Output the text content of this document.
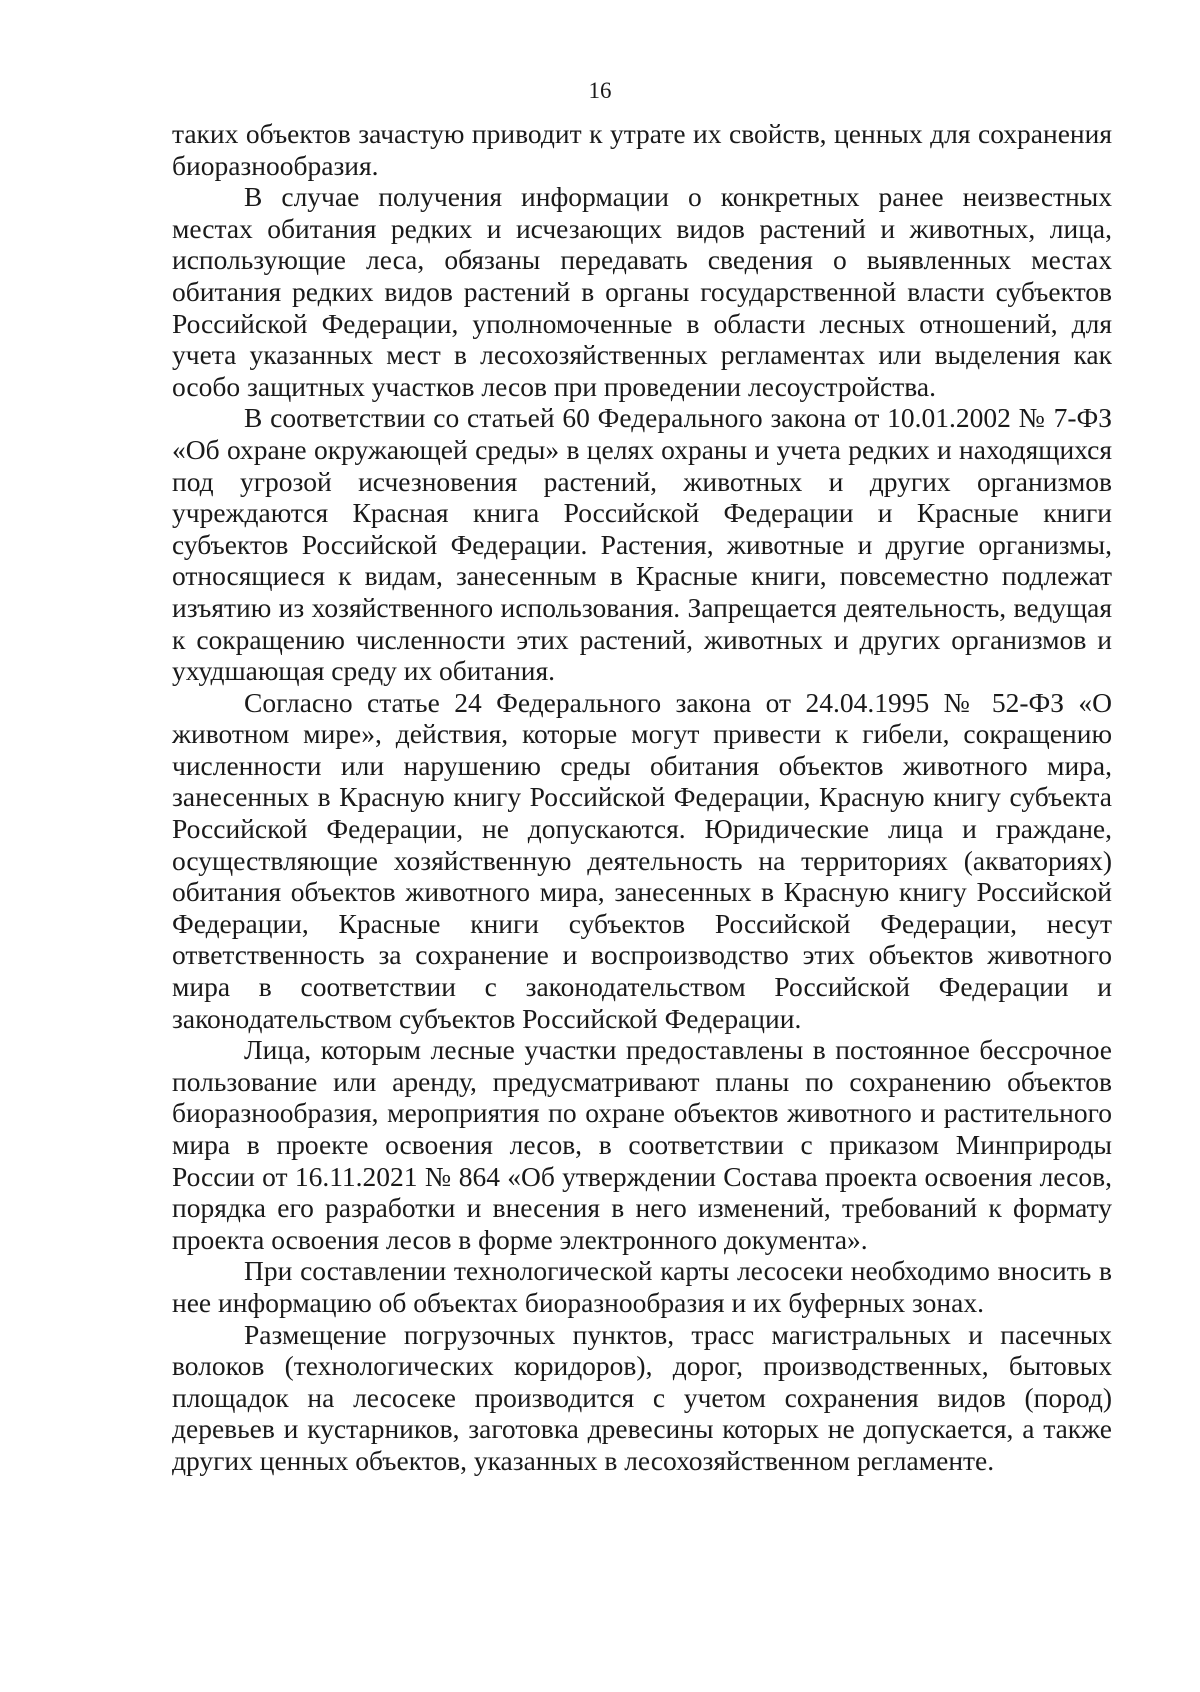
16

таких объектов зачастую приводит к утрате их свойств, ценных для сохранения биоразнообразия.

В случае получения информации о конкретных ранее неизвестных местах обитания редких и исчезающих видов растений и животных, лица, использующие леса, обязаны передавать сведения о выявленных местах обитания редких видов растений в органы государственной власти субъектов Российской Федерации, уполномоченные в области лесных отношений, для учета указанных мест в лесохозяйственных регламентах или выделения как особо защитных участков лесов при проведении лесоустройства.

В соответствии со статьей 60 Федерального закона от 10.01.2002 № 7-ФЗ «Об охране окружающей среды» в целях охраны и учета редких и находящихся под угрозой исчезновения растений, животных и других организмов учреждаются Красная книга Российской Федерации и Красные книги субъектов Российской Федерации. Растения, животные и другие организмы, относящиеся к видам, занесенным в Красные книги, повсеместно подлежат изъятию из хозяйственного использования. Запрещается деятельность, ведущая к сокращению численности этих растений, животных и других организмов и ухудшающая среду их обитания.

Согласно статье 24 Федерального закона от 24.04.1995 № 52-ФЗ «О животном мире», действия, которые могут привести к гибели, сокращению численности или нарушению среды обитания объектов животного мира, занесенных в Красную книгу Российской Федерации, Красную книгу субъекта Российской Федерации, не допускаются. Юридические лица и граждане, осуществляющие хозяйственную деятельность на территориях (акваториях) обитания объектов животного мира, занесенных в Красную книгу Российской Федерации, Красные книги субъектов Российской Федерации, несут ответственность за сохранение и воспроизводство этих объектов животного мира в соответствии с законодательством Российской Федерации и законодательством субъектов Российской Федерации.

Лица, которым лесные участки предоставлены в постоянное бессрочное пользование или аренду, предусматривают планы по сохранению объектов биоразнообразия, мероприятия по охране объектов животного и растительного мира в проекте освоения лесов, в соответствии с приказом Минприроды России от 16.11.2021 № 864 «Об утверждении Состава проекта освоения лесов, порядка его разработки и внесения в него изменений, требований к формату проекта освоения лесов в форме электронного документа».

При составлении технологической карты лесосеки необходимо вносить в нее информацию об объектах биоразнообразия и их буферных зонах.

Размещение погрузочных пунктов, трасс магистральных и пасечных волоков (технологических коридоров), дорог, производственных, бытовых площадок на лесосеке производится с учетом сохранения видов (пород) деревьев и кустарников, заготовка древесины которых не допускается, а также других ценных объектов, указанных в лесохозяйственном регламенте.
